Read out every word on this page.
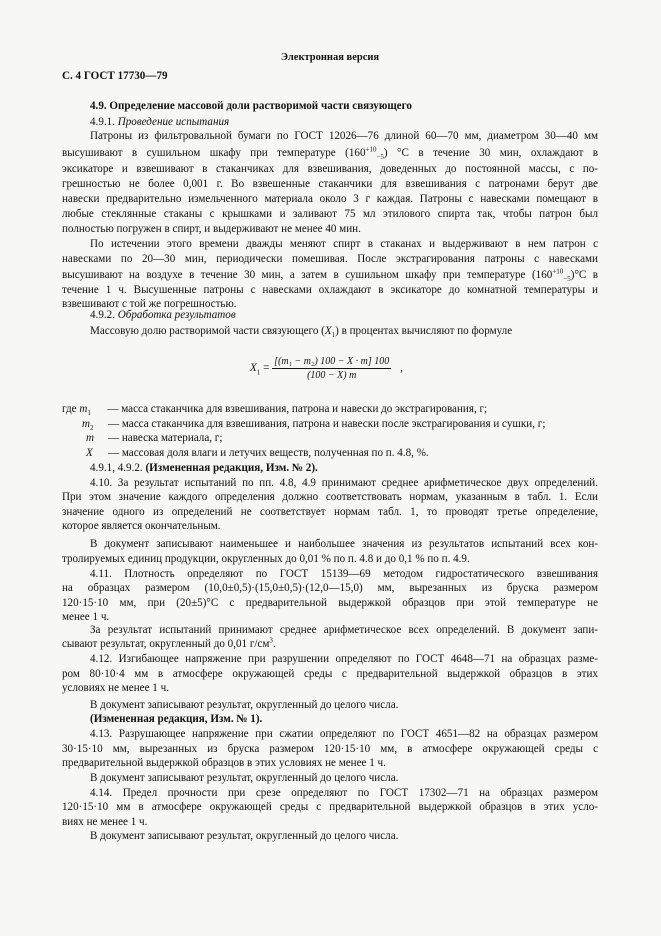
Электронная версия
С. 4 ГОСТ 17730—79
4.9. Определение массовой доли растворимой части связующего
4.9.1. Проведение испытания
Патроны из фильтровальной бумаги по ГОСТ 12026—76 длиной 60—70 мм, диаметром 30—40 мм
высушивают в сушильном шкафу при температуре $(160^{+10}_{-5})$ °С в течение 30 мин, охлаждают в
эксикаторе и взвешивают в стаканчиках для взвешивания, доведенных до постоянной массы, с по-
грешностью не более 0,001 г. Во взвешенные стаканчики для взвешивания с патронами берут две
навески предварительно измельченного материала около 3 г каждая. Патроны с навесками помещают в
любые стеклянные стаканы с крышками и заливают 75 мл этилового спирта так, чтобы патрон был
полностью погружен в спирт, и выдерживают не менее 40 мин.
По истечении этого времени дважды меняют спирт в стаканах и выдерживают в нем патрон с
навесками по 20—30 мин, периодически помешивая. После экстрагирования патроны с навесками
высушивают на воздухе в течение 30 мин, а затем в сушильном шкафу при температуре $(160^{+10}_{-5})^\circ С$ в
течение 1 ч. Высушенные патроны с навесками охлаждают в эксикаторе до комнатной температуры и
взвешивают с той же погрешностью.
4.9.2. Обработка результатов
Массовую долю растворимой части связующего $(X_1)$ в процентах вычисляют по формуле
$X_1 = \frac{\text{[(m₁ − m₂) 100 − X · m] 100}}{(100 - X) m}$ ,
где $m_1$ — масса стаканчика для взвешивания, патрона и навески до экстрагирования, г;
$m_2$ — масса стаканчика для взвешивания, патрона и навески после экстрагирования и сушки, г;
m — навеска материала, г;
X — массовая доля влаги и летучих веществ, полученная по п. 4.8, %.
4.9.1, 4.9.2. (Измененная редакция, Изм. № 2).
4.10. За результат испытаний по пп. 4.8, 4.9 принимают среднее арифметическое двух определений.
При этом значение каждого определения должно соответствовать нормам, указанным в табл. 1. Если
значение одного из определений не соответствует нормам табл. 1, то проводят третье определение,
которое является окончательным.
В документ записывают наименьшее и наибольшее значения из результатов испытаний всех кон-
тролируемых единиц продукции, округленных до 0,01 % по п. 4.8 и до 0,1 % по п. 4.9.
4.11. Плотность определяют по ГОСТ 15139—69 методом гидростатического взвешивания
на образцах размером (10,0±0,5)·(15,0±0,5)·(12,0—15,0) мм, вырезанных из бруска размером
120·15·10 мм, при (20±5)°С с предварительной выдержкой образцов при этой температуре не
менее 1 ч.
За результат испытаний принимают среднее арифметическое всех определений. В документ запи-
сывают результат, округленный до 0,01 $г/см^3$.
4.12. Изгибающее напряжение при разрушении определяют по ГОСТ 4648—71 на образцах разме-
ром 80·10·4 мм в атмосфере окружающей среды с предварительной выдержкой образцов в этих
условиях не менее 1 ч.
В документ записывают результат, округленный до целого числа.
(Измененная редакция, Изм. № 1).
4.13. Разрушающее напряжение при сжатии определяют по ГОСТ 4651—82 на образцах размером
30·15·10 мм, вырезанных из бруска размером 120·15·10 мм, в атмосфере окружающей среды с
предварительной выдержкой образцов в этих условиях не менее 1 ч.
В документ записывают результат, округленный до целого числа.
4.14. Предел прочности при срезе определяют по ГОСТ 17302—71 на образцах размером
120·15·10 мм в атмосфере окружающей среды с предварительной выдержкой образцов в этих усло-
виях не менее 1 ч.
В документ записывают результат, округленный до целого числа.
